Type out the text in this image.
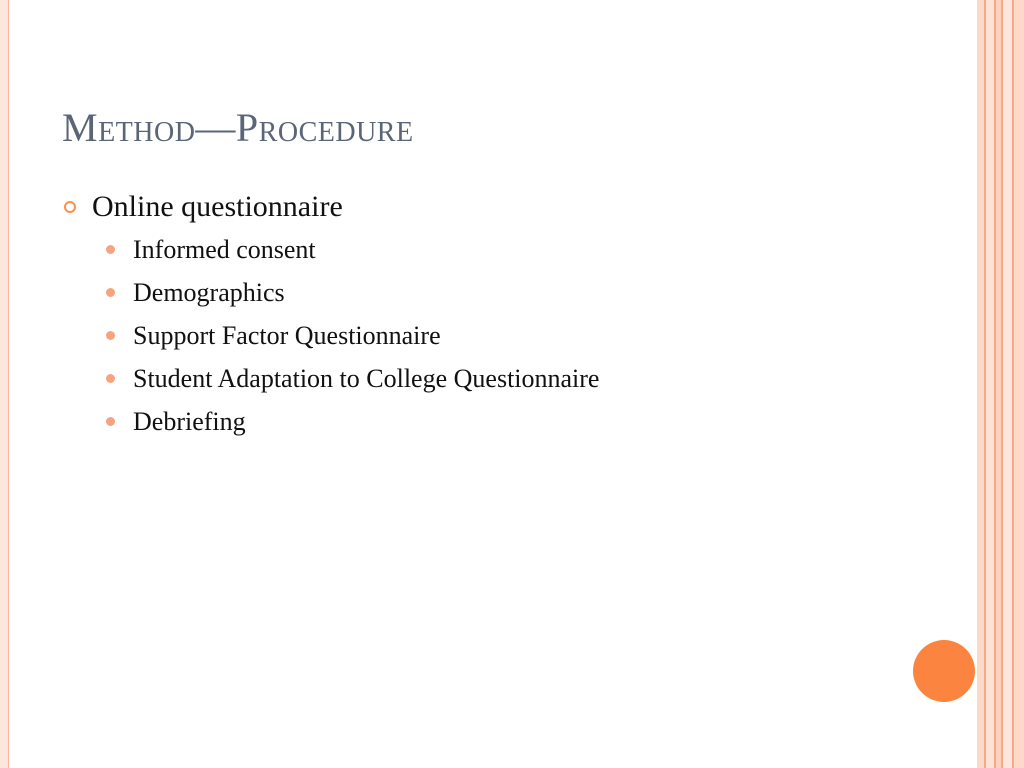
Method—Procedure
Online questionnaire
Informed consent
Demographics
Support Factor Questionnaire
Student Adaptation to College Questionnaire
Debriefing
